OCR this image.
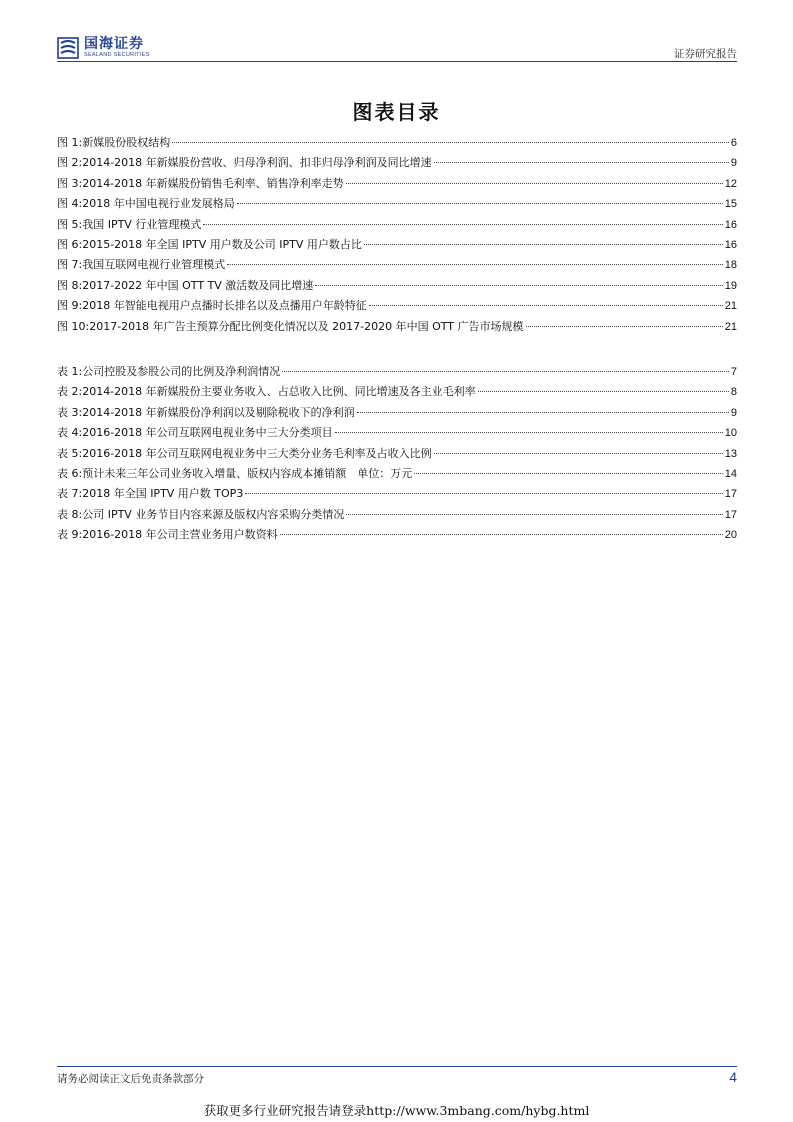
国海证券
SEALAND SECURITIES	证券研究报告
图表目录
图 1: 新媒股份股权结构	6
图 2: 2014-2018 年新媒股份营收、归母净利润、扣非归母净利润及同比增速	9
图 3: 2014-2018 年新媒股份销售毛利率、销售净利率走势	12
图 4: 2018 年中国电视行业发展格局	15
图 5: 我国 IPTV 行业管理模式	16
图 6: 2015-2018 年全国 IPTV 用户数及公司 IPTV 用户数占比	16
图 7: 我国互联网电视行业管理模式	18
图 8: 2017-2022 年中国 OTT TV 激活数及同比增速	19
图 9: 2018 年智能电视用户点播时长排名以及点播用户年龄特征	21
图 10: 2017-2018 年广告主预算分配比例变化情况以及 2017-2020 年中国 OTT 广告市场规模	21
表 1: 公司控股及参股公司的比例及净利润情况	7
表 2: 2014-2018 年新媒股份主要业务收入、占总收入比例、同比增速及各主业毛利率	8
表 3: 2014-2018 年新媒股份净利润以及剔除税收下的净利润	9
表 4: 2016-2018 年公司互联网电视业务中三大分类项目	10
表 5: 2016-2018 年公司互联网电视业务中三大类分业务毛利率及占收入比例	13
表 6: 预计未来三年公司业务收入增量、版权内容成本摊销额　单位：万元	14
表 7: 2018 年全国 IPTV 用户数 TOP3	17
表 8: 公司 IPTV 业务节目内容来源及版权内容采购分类情况	17
表 9: 2016-2018 年公司主营业务用户数资料	20
请务必阅读正文后免责条款部分	4
获取更多行业研究报告请登录http://www.3mbang.com/hybg.html
